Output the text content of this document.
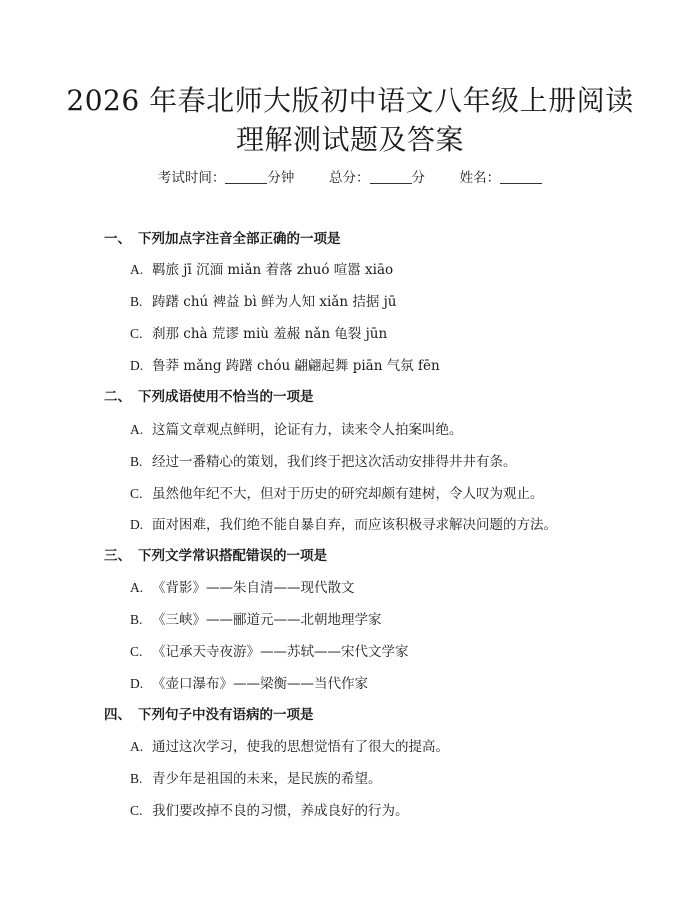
2026 年春北师大版初中语文八年级上册阅读
理解测试题及答案
考试时间：	分钟	总分：	分	姓名：
一、 下列加点字注音全部正确的一项是
A. 羁旅 jī 沉湎 miǎn 着落 zhuó 喧嚣 xiāo
B. 踌躇 chú 裨益 bì 鲜为人知 xiǎn 拮据 jū
C. 刹那 chà 荒谬 miù 羞赧 nǎn 龟裂 jūn
D. 鲁莽 mǎng 踌躇 chóu 翩翩起舞 piān 气氛 fēn
二、 下列成语使用不恰当的一项是
A. 这篇文章观点鲜明，论证有力，读来令人拍案叫绝。
B. 经过一番精心的策划，我们终于把这次活动安排得井井有条。
C. 虽然他年纪不大，但对于历史的研究却颇有建树，令人叹为观止。
D. 面对困难，我们绝不能自暴自弃，而应该积极寻求解决问题的方法。
三、 下列文学常识搭配错误的一项是
A. 《背影》——朱自清——现代散文
B. 《三峡》——郦道元——北朝地理学家
C. 《记承天寺夜游》——苏轼——宋代文学家
D. 《壶口瀑布》——梁衡——当代作家
四、 下列句子中没有语病的一项是
A. 通过这次学习，使我的思想觉悟有了很大的提高。
B. 青少年是祖国的未来，是民族的希望。
C. 我们要改掉不良的习惯，养成良好的行为。
